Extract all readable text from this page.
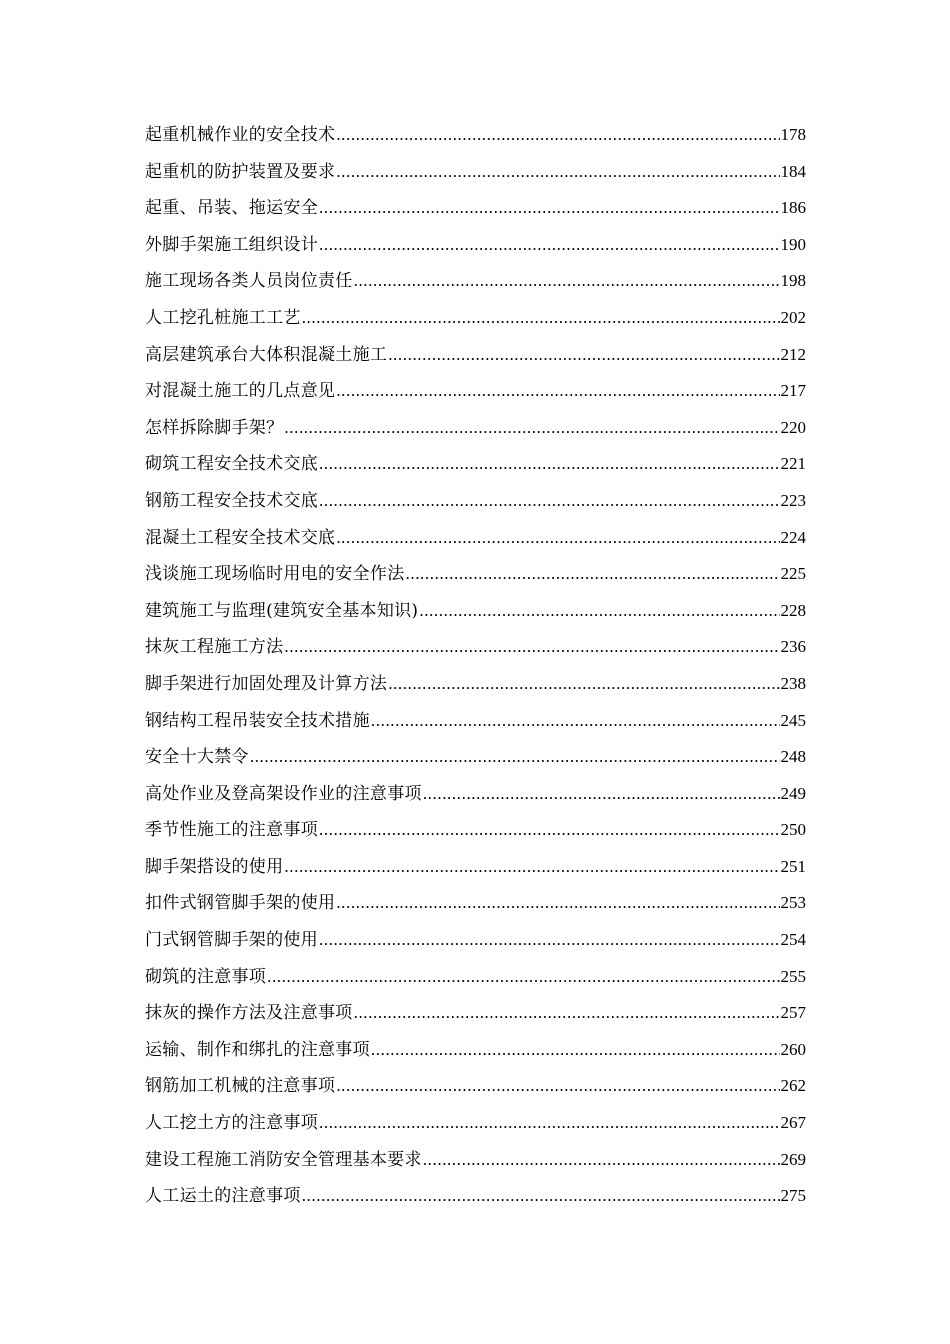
起重机械作业的安全技术 .....	178
起重机的防护装置及要求 .....	184
起重、吊装、拖运安全 .....	186
外脚手架施工组织设计 .....	190
施工现场各类人员岗位责任 .....	198
人工挖孔桩施工工艺 .....	202
高层建筑承台大体积混凝土施工 .....	212
对混凝土施工的几点意见 .....	217
怎样拆除脚手架？ .....	220
砌筑工程安全技术交底 .....	221
钢筋工程安全技术交底 .....	223
混凝土工程安全技术交底 .....	224
浅谈施工现场临时用电的安全作法 .....	225
建筑施工与监理(建筑安全基本知识) .....	228
抹灰工程施工方法 .....	236
脚手架进行加固处理及计算方法 .....	238
钢结构工程吊装安全技术措施 .....	245
安全十大禁令 .....	248
高处作业及登高架设作业的注意事项 .....	249
季节性施工的注意事项 .....	250
脚手架搭设的使用 .....	251
扣件式钢管脚手架的使用 .....	253
门式钢管脚手架的使用 .....	254
砌筑的注意事项 .....	255
抹灰的操作方法及注意事项 .....	257
运输、制作和绑扎的注意事项 .....	260
钢筋加工机械的注意事项 .....	262
人工挖土方的注意事项 .....	267
建设工程施工消防安全管理基本要求 .....	269
人工运土的注意事项 .....	275
